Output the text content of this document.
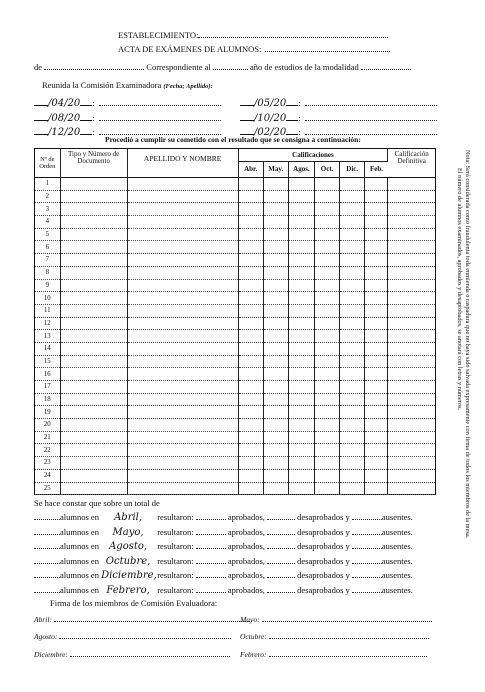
ESTABLECIMIENTO:
ACTA DE EXÁMENES DE ALUMNOS:
de	Correspondiente al	año de estudios de la modalidad
Reunida la Comisión Examinadora (Fecha; Apellido):
/04/20 :	/05/20 :
/08/20 :	/10/20 :
/12/20 :	/02/20 :
Procedió a cumplir su cometido con el resultado que se consigna a continuación:
Nº de Orden	Tipo y Número de Documento	APELLIDO Y NOMBRE	Calificaciones						Calificación Definitiva
			Abr.	May.	Agos.	Oct.	Dic.	Feb.	
1									
2									
3									
4									
5									
6									
7									
8									
9									
10									
11									
12									
13									
14									
15									
16									
17									
18									
19									
20									
21									
22									
23									
24									
25									
Nota: Será considerada como fraudulenta toda enmienda o raspadura que no haya sido salvada expresamente con firma de todos los miembros de la mesa.
El número de alumnos examinados, aprobados y desaprobados, se anotará con letras y números.
Se hace constar que sobre un total de
alumnos en Abril, resultaron:	aprobados,	desaprobados y	ausentes.
alumnos en Mayo, resultaron:	aprobados,	desaprobados y	ausentes.
alumnos en Agosto, resultaron:	aprobados,	desaprobados y	ausentes.
alumnos en Octubre, resultaron:	aprobados,	desaprobados y	ausentes.
alumnos en Diciembre, resultaron:	aprobados,	desaprobados y	ausentes.
alumnos en Febrero, resultaron:	aprobados,	desaprobados y	ausentes.
Firma de los miembros de Comisión Evaluadora:
Abril:	Mayo:
Agosto:	Octubre:
Diciembre:	Febrero:
